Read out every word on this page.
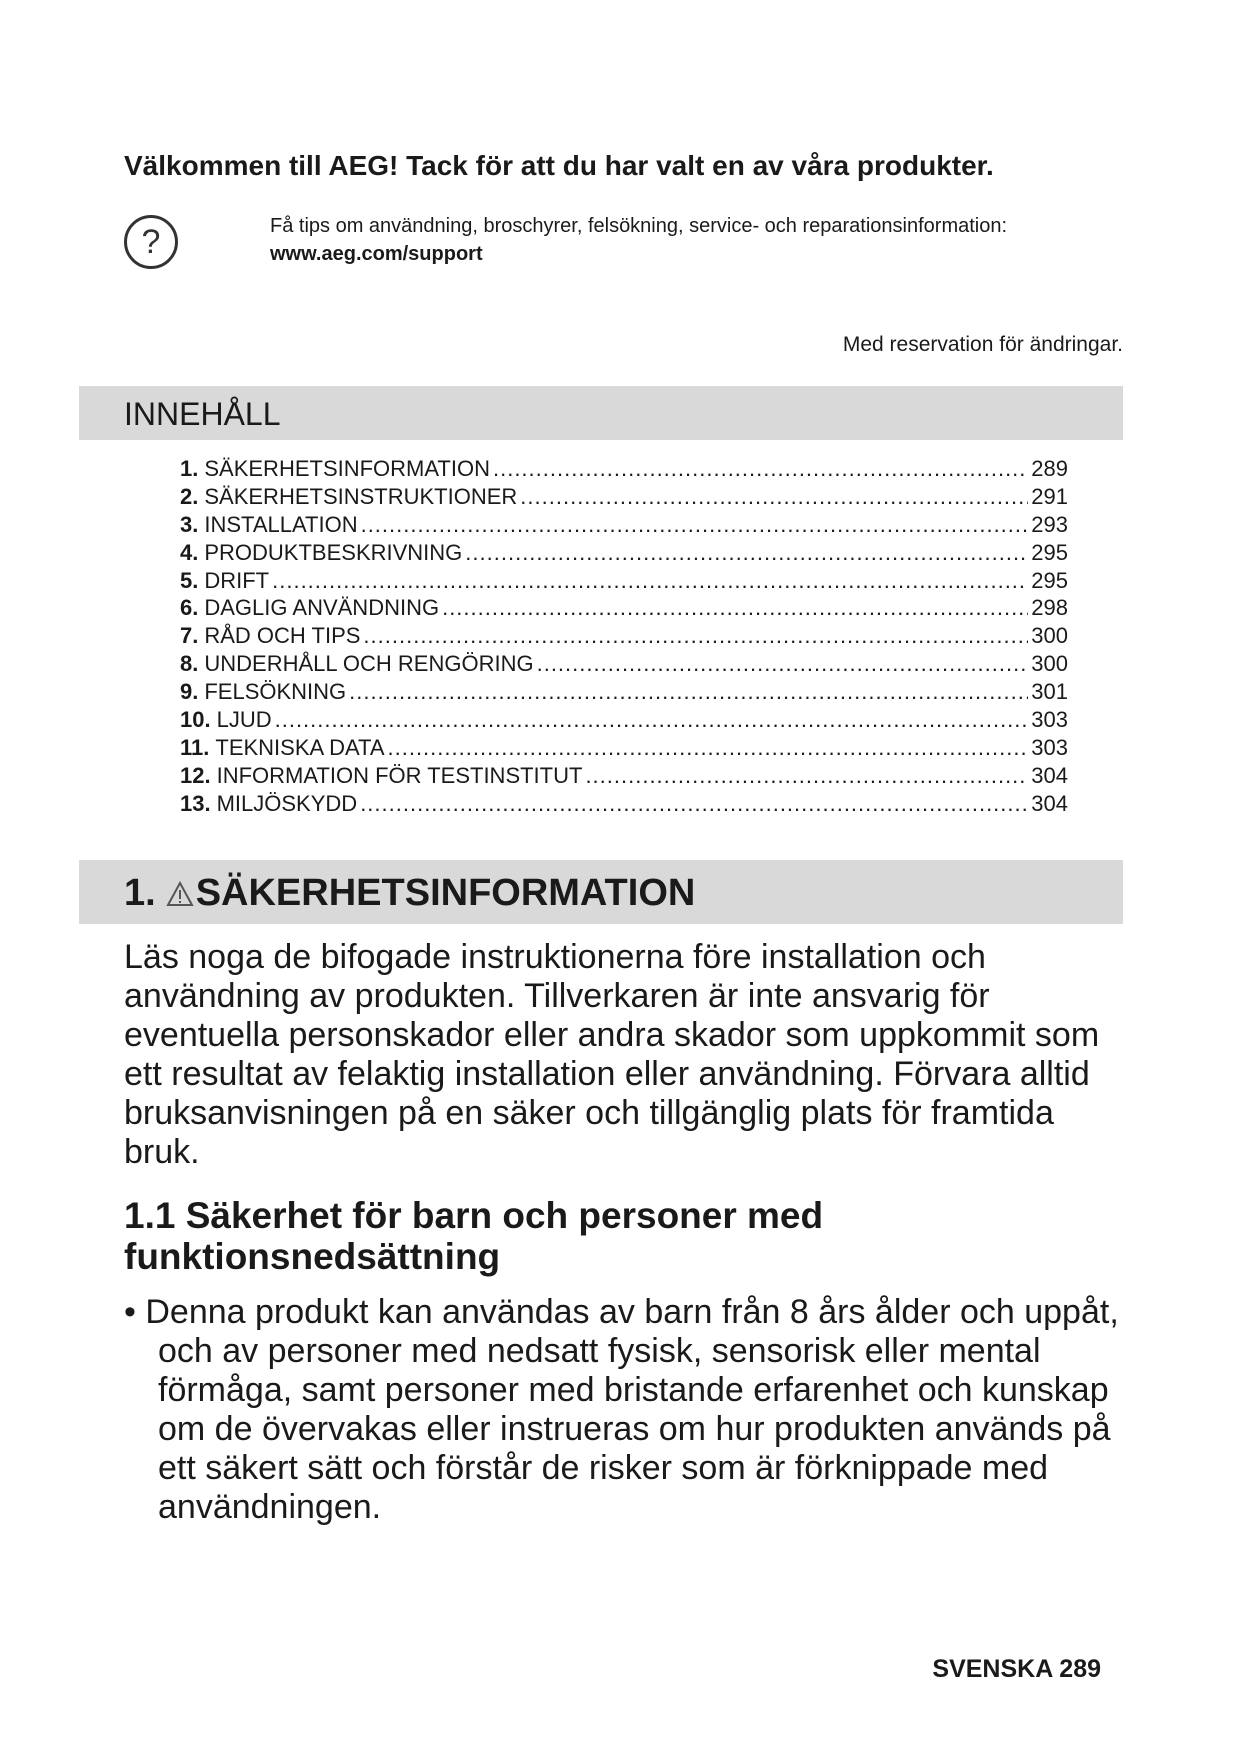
Välkommen till AEG! Tack för att du har valt en av våra produkter.
?	Få tips om användning, broschyrer, felsökning, service- och reparationsinformation:
www.aeg.com/support
Med reservation för ändringar.
INNEHÅLL
1. SÄKERHETSINFORMATION .....	289
2. SÄKERHETSINSTRUKTIONER .....	291
3. INSTALLATION .....	293
4. PRODUKTBESKRIVNING .....	295
5. DRIFT .....	295
6. DAGLIG ANVÄNDNING .....	298
7. RÅD OCH TIPS .....	300
8. UNDERHÅLL OCH RENGÖRING .....	300
9. FELSÖKNING .....	301
10. LJUD .....	303
11. TEKNISKA DATA .....	303
12. INFORMATION FÖR TESTINSTITUT .....	304
13. MILJÖSKYDD .....	304
1. SÄKERHETSINFORMATION
Läs noga de bifogade instruktionerna före installation och användning av produkten. Tillverkaren är inte ansvarig för eventuella personskador eller andra skador som uppkommit som ett resultat av felaktig installation eller användning. Förvara alltid bruksanvisningen på en säker och tillgänglig plats för framtida bruk.
1.1 Säkerhet för barn och personer med funktionsnedsättning
• Denna produkt kan användas av barn från 8 års ålder och uppåt, och av personer med nedsatt fysisk, sensorisk eller mental förmåga, samt personer med bristande erfarenhet och kunskap om de övervakas eller instrueras om hur produkten används på ett säkert sätt och förstår de risker som är förknippade med användningen.
SVENSKA 289
